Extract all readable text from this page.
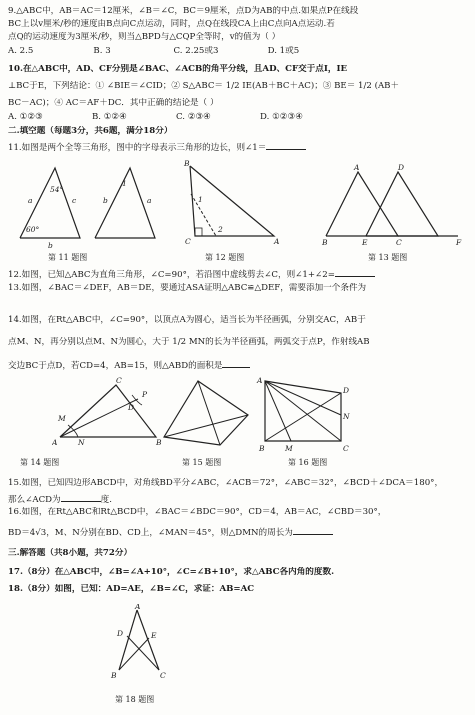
9.△ABC中，AB＝AC＝12厘米，∠B＝∠C，BC＝9厘米，点D为AB的中点.如果点P在线段
BC上以v厘米/秒的速度由B点向C点运动，同时，点Q在线段CA上由C点向A点运动.若
点Q的运动速度为3厘米/秒，则当△BPD与△CQP全等时，v的值为（ ）
A. 2.5                      B. 3                       C. 2.25或3                  D. 1或5
10.在△ABC中，AD、CF分别是∠BAC、∠ACB的角平分线，且AD、CF交于点I，IE
⊥BC于E，下列结论：① ∠BIE＝∠CID；② S△ABC＝ 1/2 IE(AB＋BC＋AC)；③ BE＝ 1/2 (AB＋
BC－AC)；④ AC＝AF＋DC．其中正确的结论是（ ）
A. ①②③                  B. ①②④                  C. ②③④                  D. ①②③④
二.填空题（每题3分，共6题，满分18分）
11.如图是两个全等三角形，图中的字母表示三角形的边长，则∠1＝
54°
60°
a
b
c	b
1
a
B
C	A
1
2
A	D
B	E	C	F
第 11 题图	第 12 题图	第 13 题图
12.如图，已知△ABC为直角三角形，∠C=90°，若沿图中虚线剪去∠C，则∠1+∠2=
13.如图，∠BAC＝∠DEF，AB＝DE，要通过ASA证明△ABC≌△DEF，需要添加一个条件为
14.如图，在Rt△ABC中，∠C=90°，以顶点A为圆心，适当长为半径画弧，分别交AC，AB于
点M、N，再分别以点M、N为圆心，大于 1/2 MN的长为半径画弧，两弧交于点P，作射线AB
交边BC于点D，若CD=4，AB=15，则△ABD的面积是
C
A	B
D
M
N
P
A
B	C
D
N
M
第 14 题图	第 15 题图	第 16 题图
15.如图，已知四边形ABCD中，对角线BD平分∠ABC，∠ACB＝72°，∠ABC＝32°，∠BCD＋∠DCA＝180°，
那么∠ACD为	度.
16.如图，在Rt△ABC和Rt△BCD中，∠BAC＝∠BDC＝90°，CD＝4，AB＝AC，∠CBD＝30°，
BD＝4√3，M、N分别在BD、CD上，∠MAN＝45°，则△DMN的周长为
三.解答题（共8小题，共72分）
17.（8分）在△ABC中，∠B=∠A+10°，∠C=∠B+10°，求△ABC各内角的度数.
18.（8分）如图，已知：AD=AE，∠B=∠C，求证：AB=AC
A
D	E
B	C
第 18 题图
